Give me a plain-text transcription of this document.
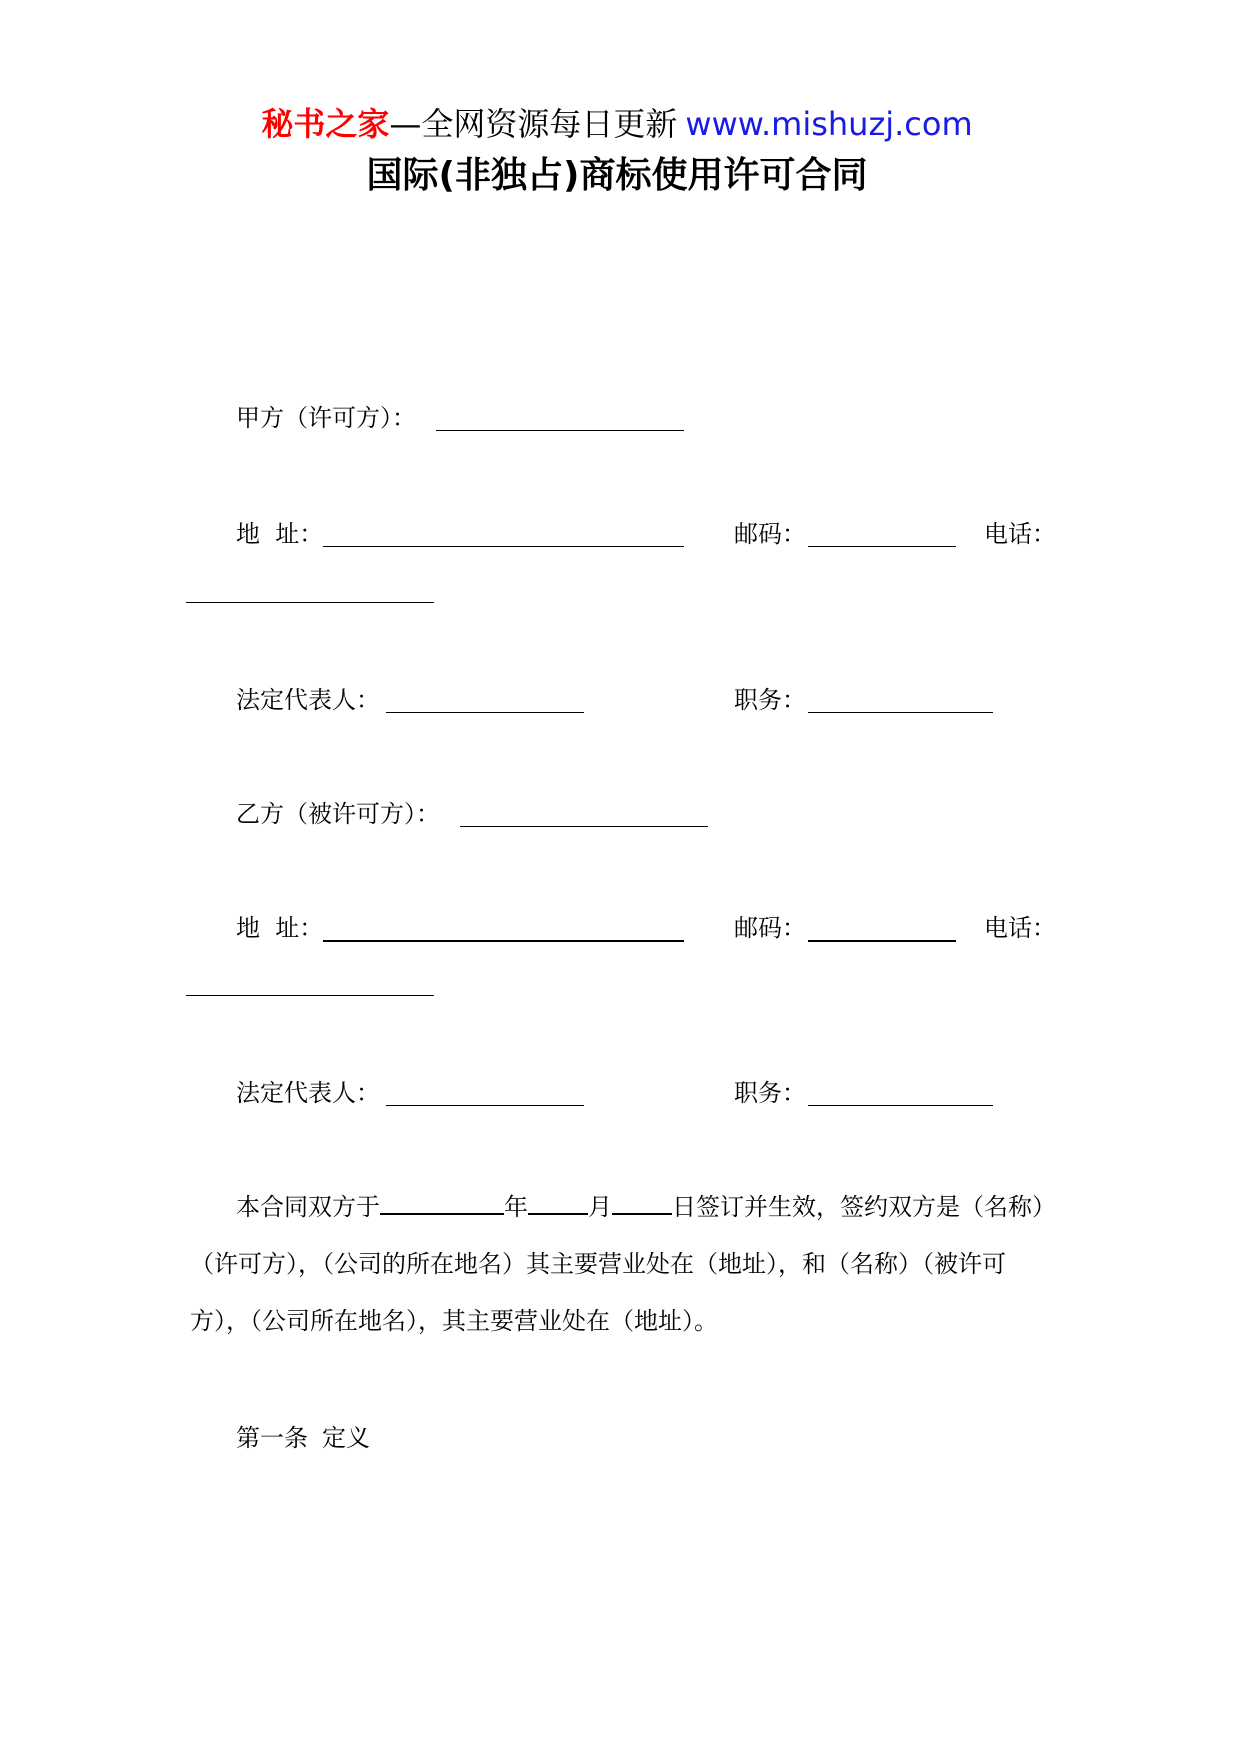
秘书之家—全网资源每日更新 www.mishuzj.com
国际(非独占)商标使用许可合同
甲方（许可方）：
地  址：	邮码：	电话：
法定代表人：	职务：
乙方（被许可方）：
地  址：	邮码：	电话：
法定代表人：	职务：
本合同双方于	年	月	日签订并生效，签约双方是（名称）（许可方），（公司的所在地名）其主要营业处在（地址），和（名称）（被许可方），（公司所在地名），其主要营业处在（地址）。
第一条 定义
